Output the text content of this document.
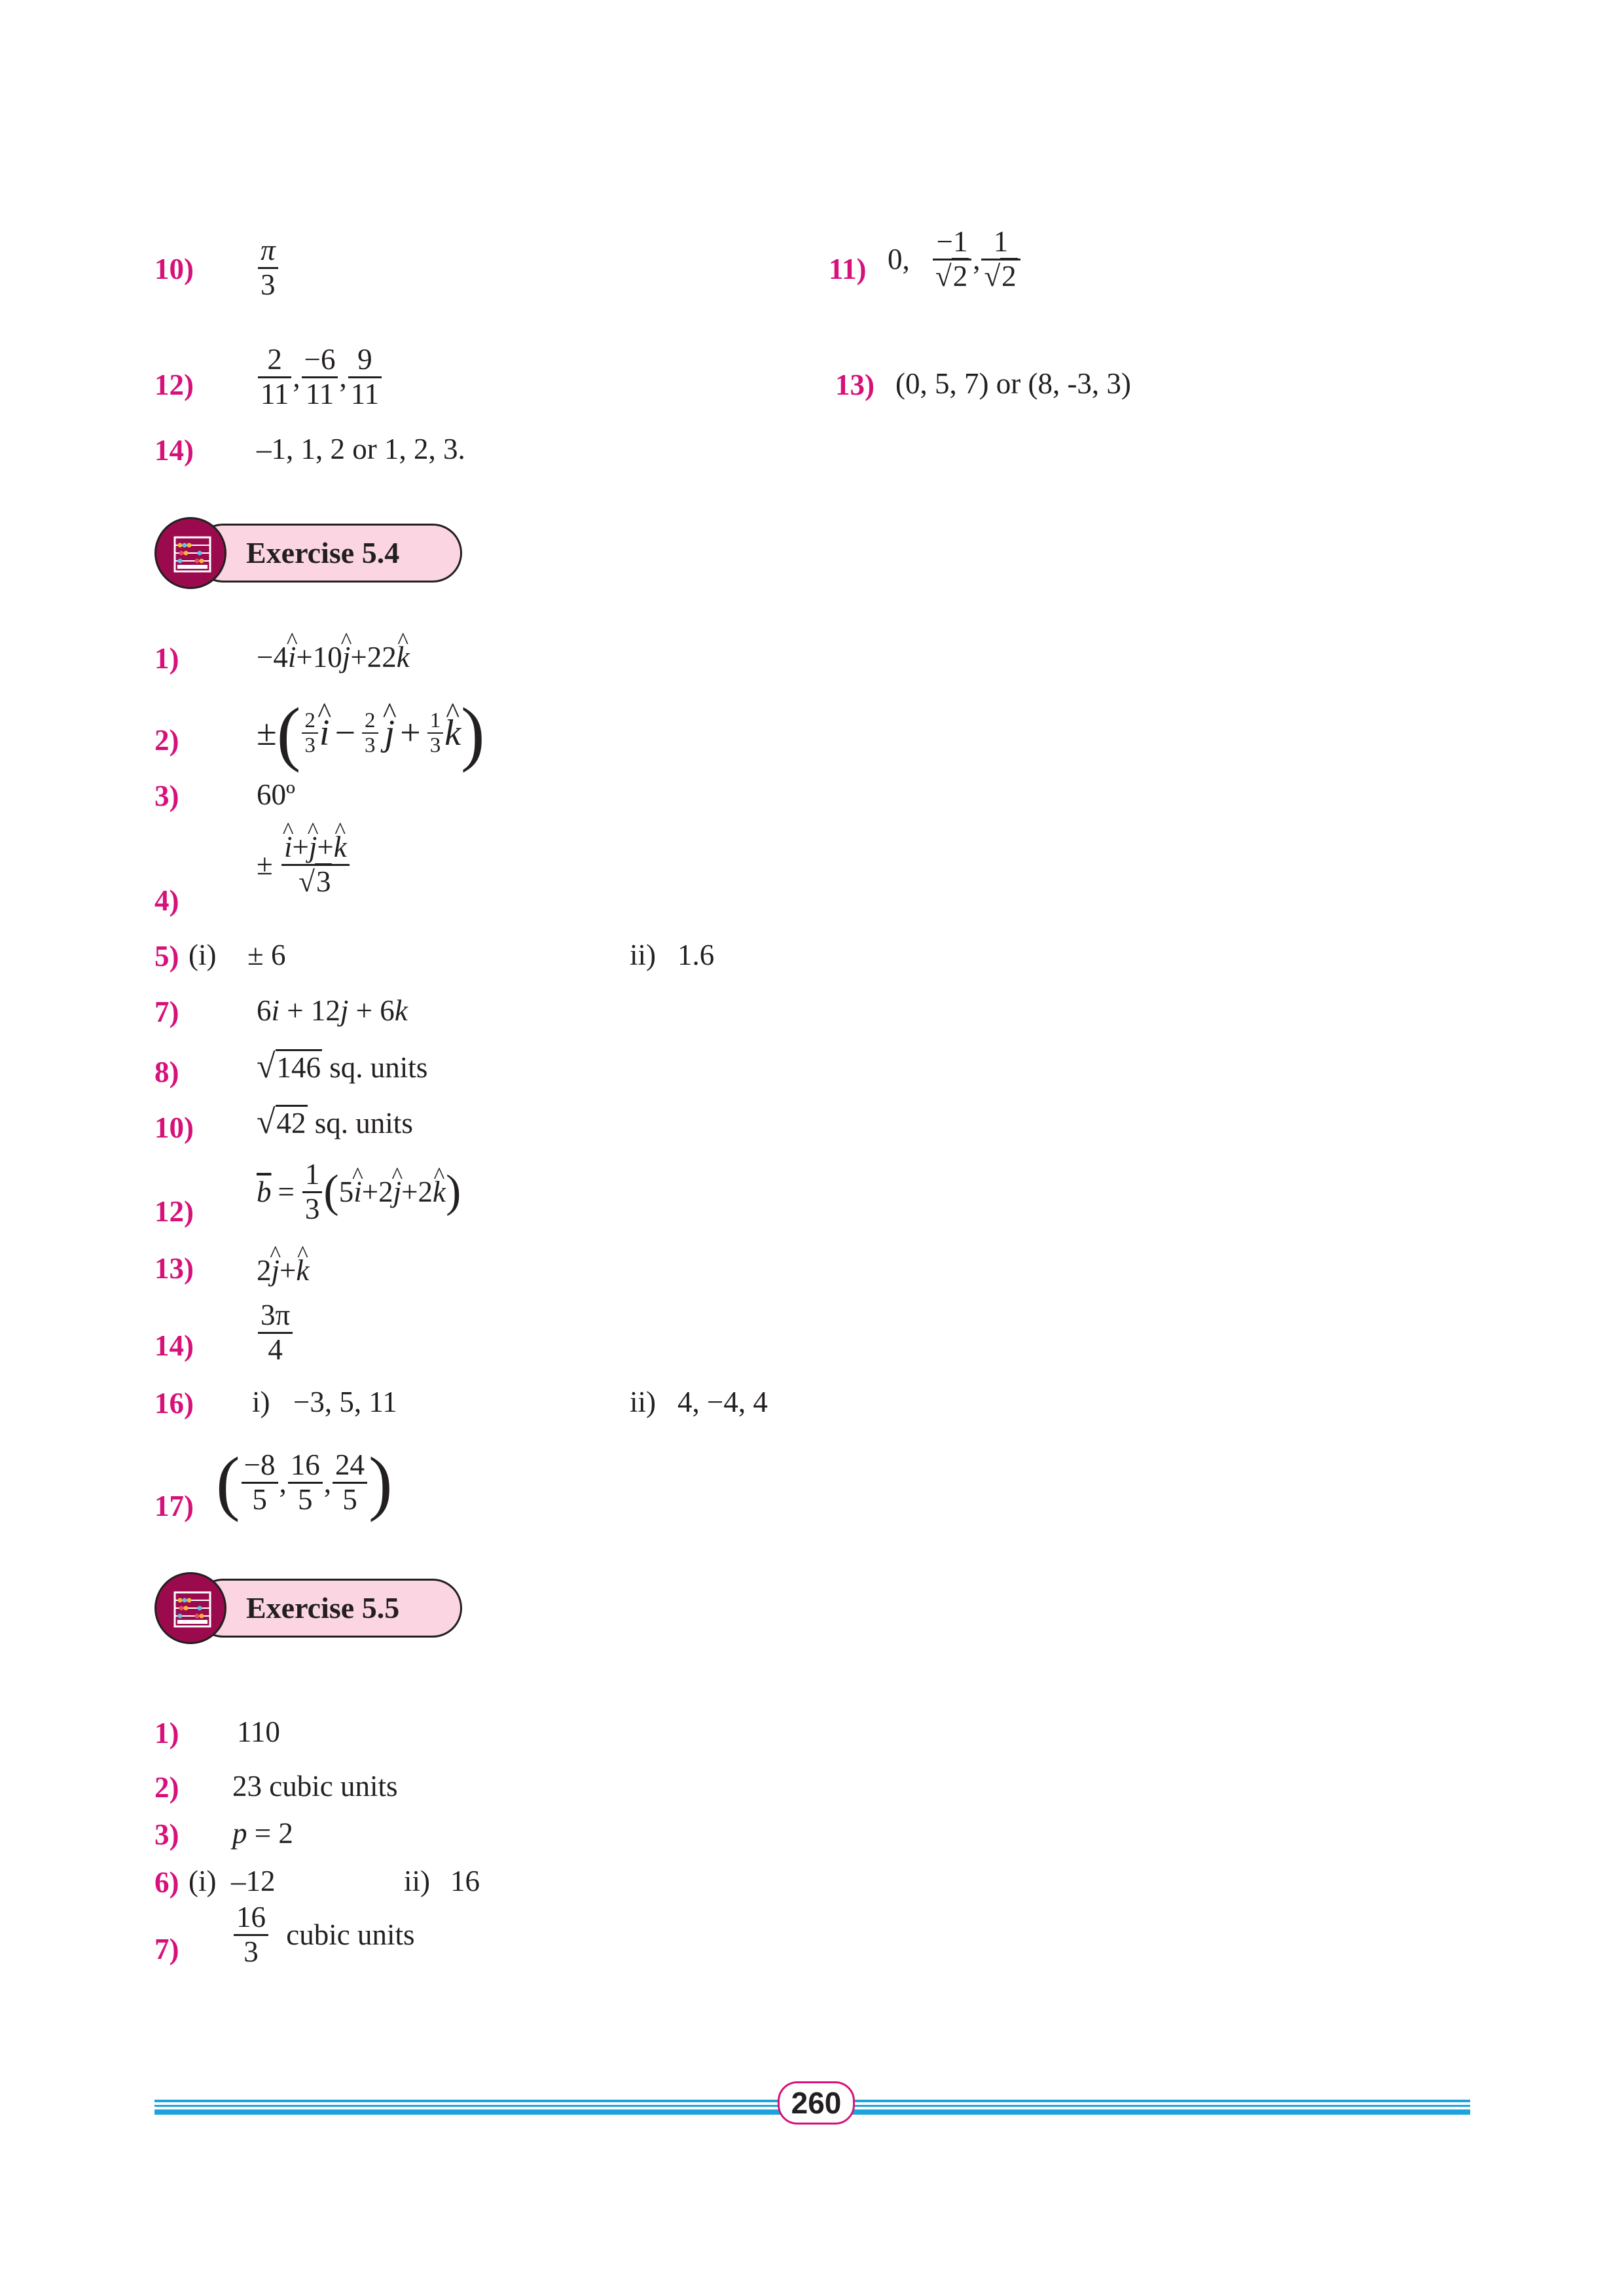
$10) \frac{\pi}{3}$	11) 0, $\frac{-1}{√2}$ , $\frac{1}{√2}$
$12) \frac{2}{11}$ , $\frac{-6}{11}$ , $\frac{9}{11}$	13) (0, 5, 7) or (8, -3, 3)
14) –1, 1, 2 or 1, 2, 3.
Exercise 5.4
1)	−4^ i+10^ j+22^ k
2) ±( $\frac{2}{3}$ ^ $i - \frac{2}{3}$ ^ $j + \frac{1}{3}$ ^ k)
3)	60º
4)
± ^ $\frac{i+\^{} j+\^{} k}{√3}$
5) (i) ± 6	ii) 1.6
7)	6i + 12j + 6k
8) √146 sq. units
10) √42 sq. units
12)
$\overline{b} = \frac{1}{3}$ (5^ i+2^ j+2^ k)
13) 2^ j+^ k
$14) \frac{3\pi}{4}$
16) i) −3, 5, 11	ii) 4, −4, 4
17) ( $\frac{-8}{5}$ , $\frac{16}{5}$ , $\frac{24}{5}$ )
Exercise 5.5
1) 110
2) 23 cubic units
3) p = 2
6) (i) –12	ii) 16
$7) \frac{16}{3}$ cubic units
260
